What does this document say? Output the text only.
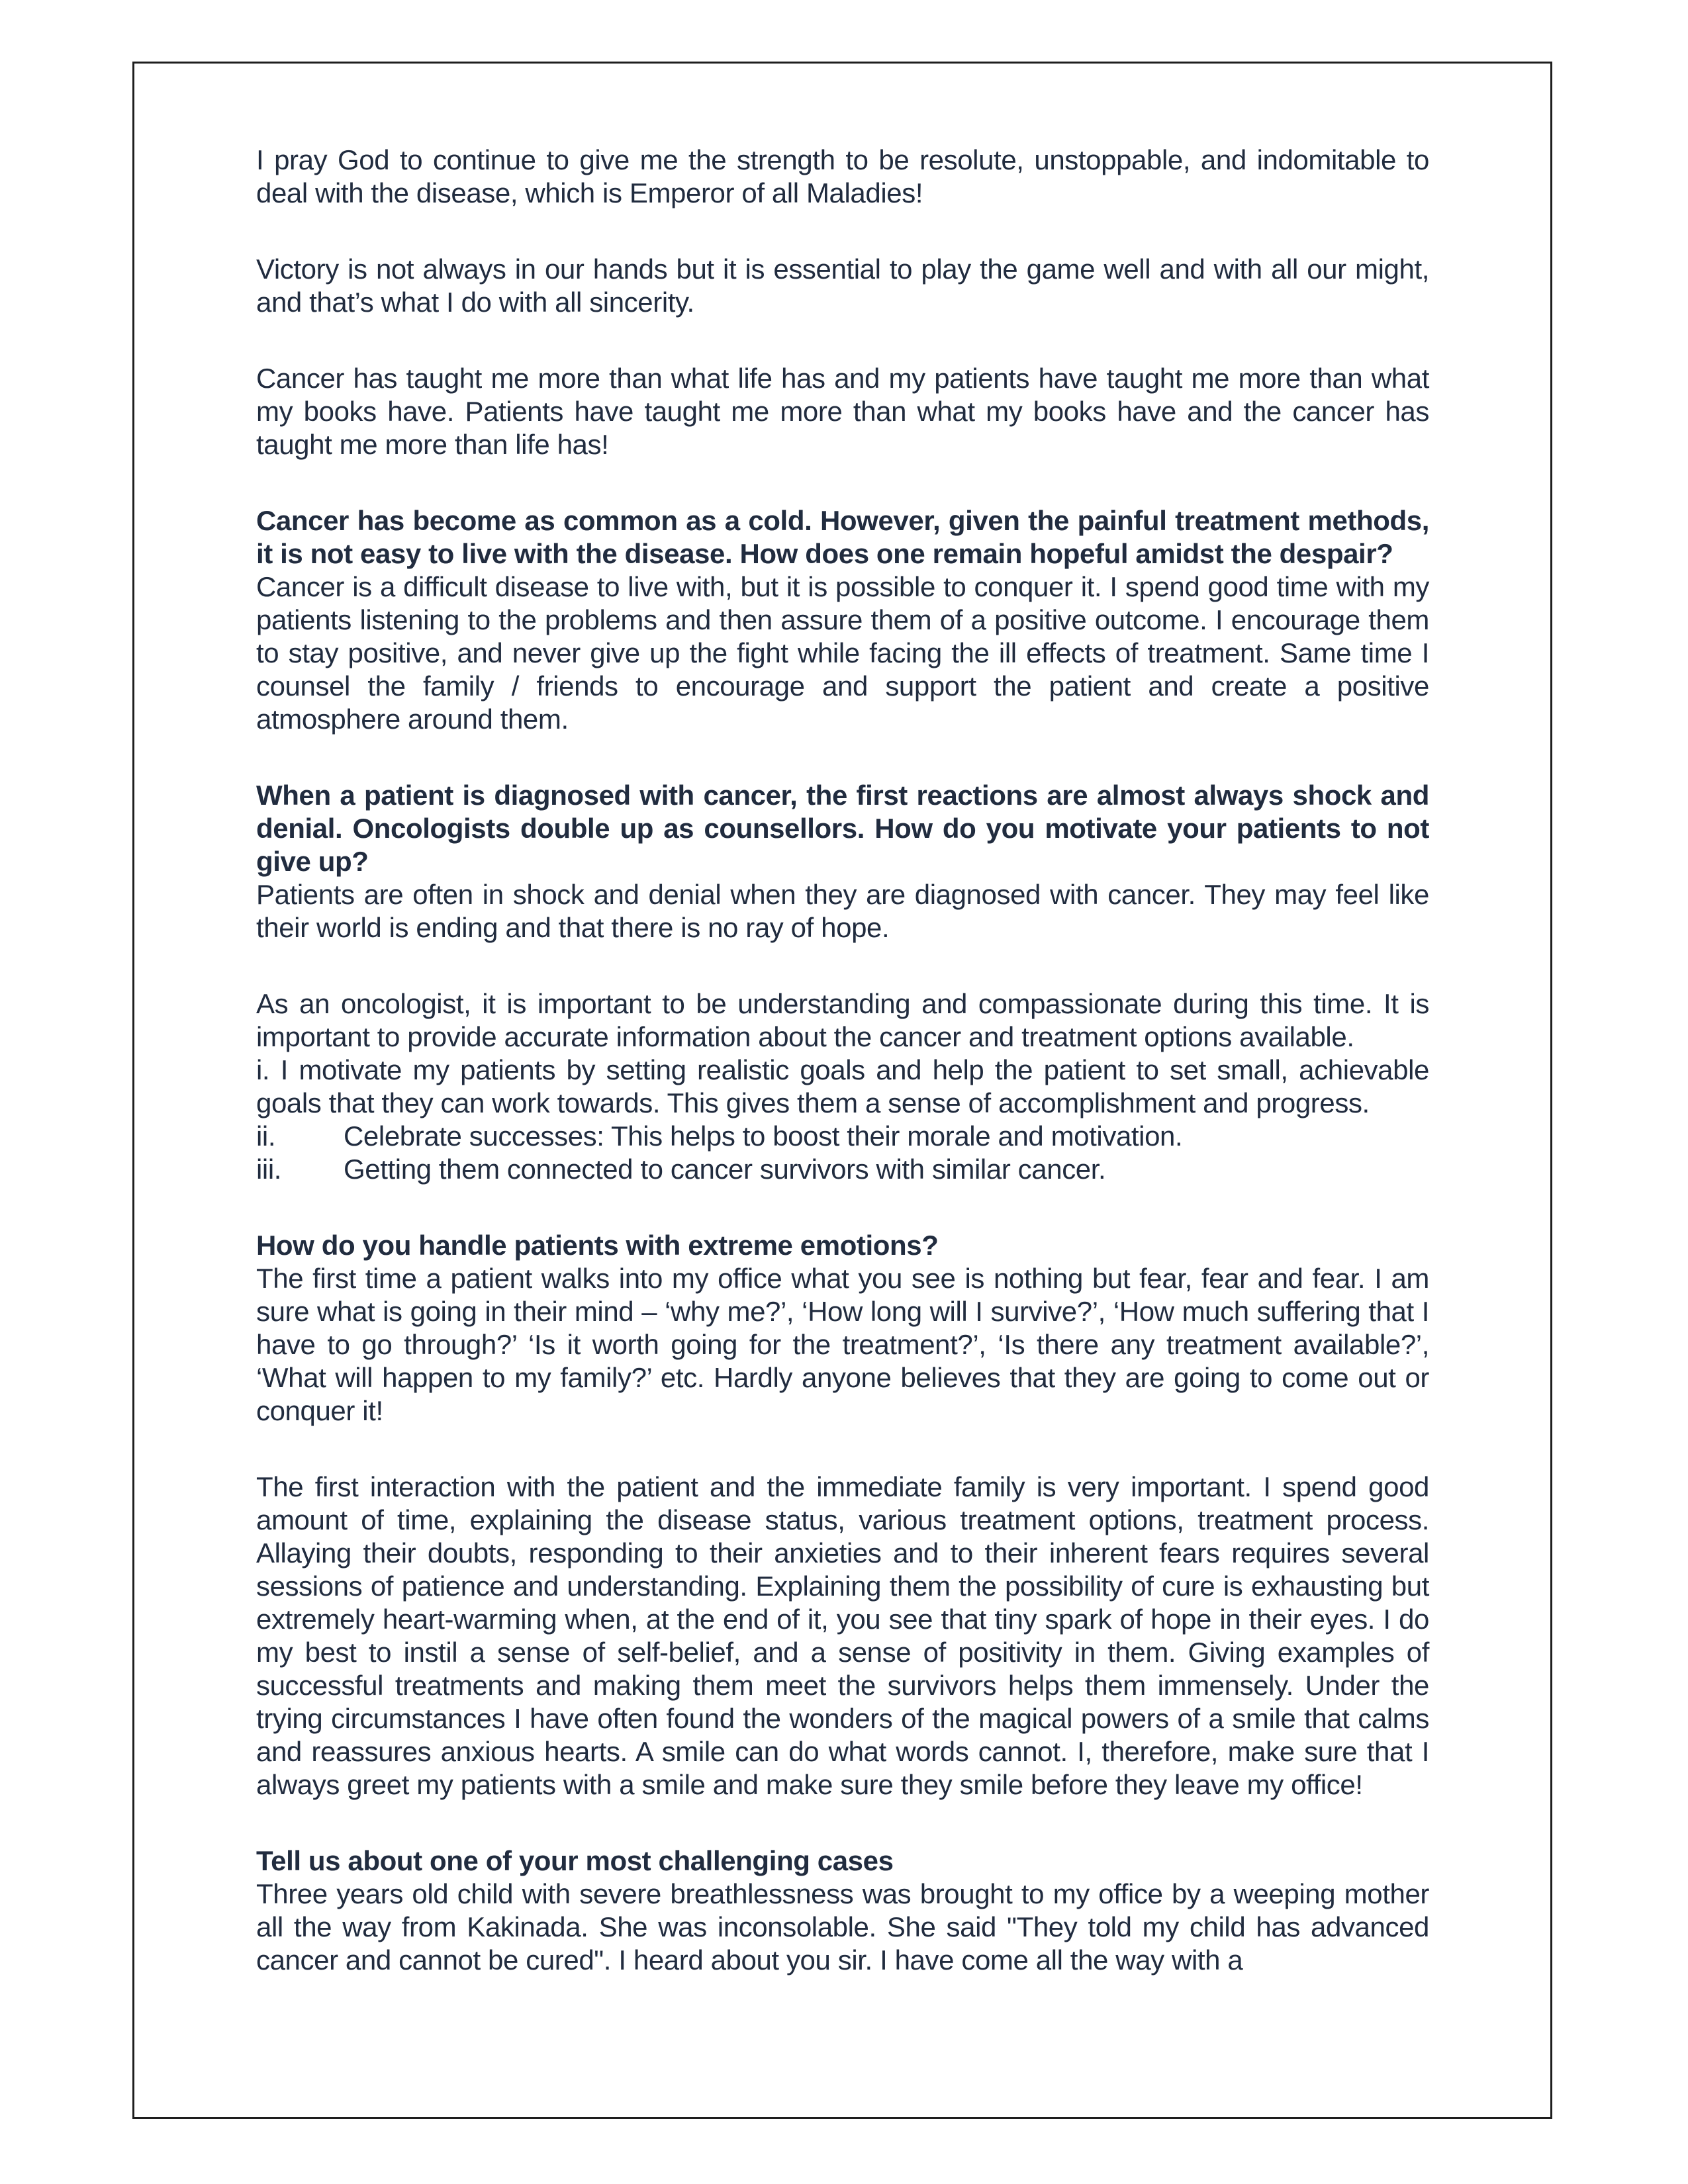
I pray God to continue to give me the strength to be resolute, unstoppable, and indomitable to deal with the disease, which is Emperor of all Maladies!

Victory is not always in our hands but it is essential to play the game well and with all our might, and that’s what I do with all sincerity.

Cancer has taught me more than what life has and my patients have taught me more than what my books have. Patients have taught me more than what my books have and the cancer has taught me more than life has!

Cancer has become as common as a cold. However, given the painful treatment methods, it is not easy to live with the disease. How does one remain hopeful amidst the despair?

Cancer is a difficult disease to live with, but it is possible to conquer it. I spend good time with my patients listening to the problems and then assure them of a positive outcome. I encourage them to stay positive, and never give up the fight while facing the ill effects of treatment. Same time I counsel the family / friends to encourage and support the patient and create a positive atmosphere around them.

When a patient is diagnosed with cancer, the first reactions are almost always shock and denial. Oncologists double up as counsellors. How do you motivate your patients to not give up?

Patients are often in shock and denial when they are diagnosed with cancer. They may feel like their world is ending and that there is no ray of hope.

As an oncologist, it is important to be understanding and compassionate during this time. It is important to provide accurate information about the cancer and treatment options available.

i. I motivate my patients by setting realistic goals and help the patient to set small, achievable goals that they can work towards. This gives them a sense of accomplishment and progress.

ii.	Celebrate successes: This helps to boost their morale and motivation.
iii.	Getting them connected to cancer survivors with similar cancer.

How do you handle patients with extreme emotions?

The first time a patient walks into my office what you see is nothing but fear, fear and fear. I am sure what is going in their mind – ‘why me?’, ‘How long will I survive?’, ‘How much suffering that I have to go through?’ ‘Is it worth going for the treatment?’, ‘Is there any treatment available?’, ‘What will happen to my family?’ etc. Hardly anyone believes that they are going to come out or conquer it!

The first interaction with the patient and the immediate family is very important. I spend good amount of time, explaining the disease status, various treatment options, treatment process. Allaying their doubts, responding to their anxieties and to their inherent fears requires several sessions of patience and understanding. Explaining them the possibility of cure is exhausting but extremely heart-warming when, at the end of it, you see that tiny spark of hope in their eyes. I do my best to instil a sense of self-belief, and a sense of positivity in them. Giving examples of successful treatments and making them meet the survivors helps them immensely. Under the trying circumstances I have often found the wonders of the magical powers of a smile that calms and reassures anxious hearts. A smile can do what words cannot. I, therefore, make sure that I always greet my patients with a smile and make sure they smile before they leave my office!

Tell us about one of your most challenging cases

Three years old child with severe breathlessness was brought to my office by a weeping mother all the way from Kakinada. She was inconsolable. She said "They told my child has advanced cancer and cannot be cured". I heard about you sir. I have come all the way with a
